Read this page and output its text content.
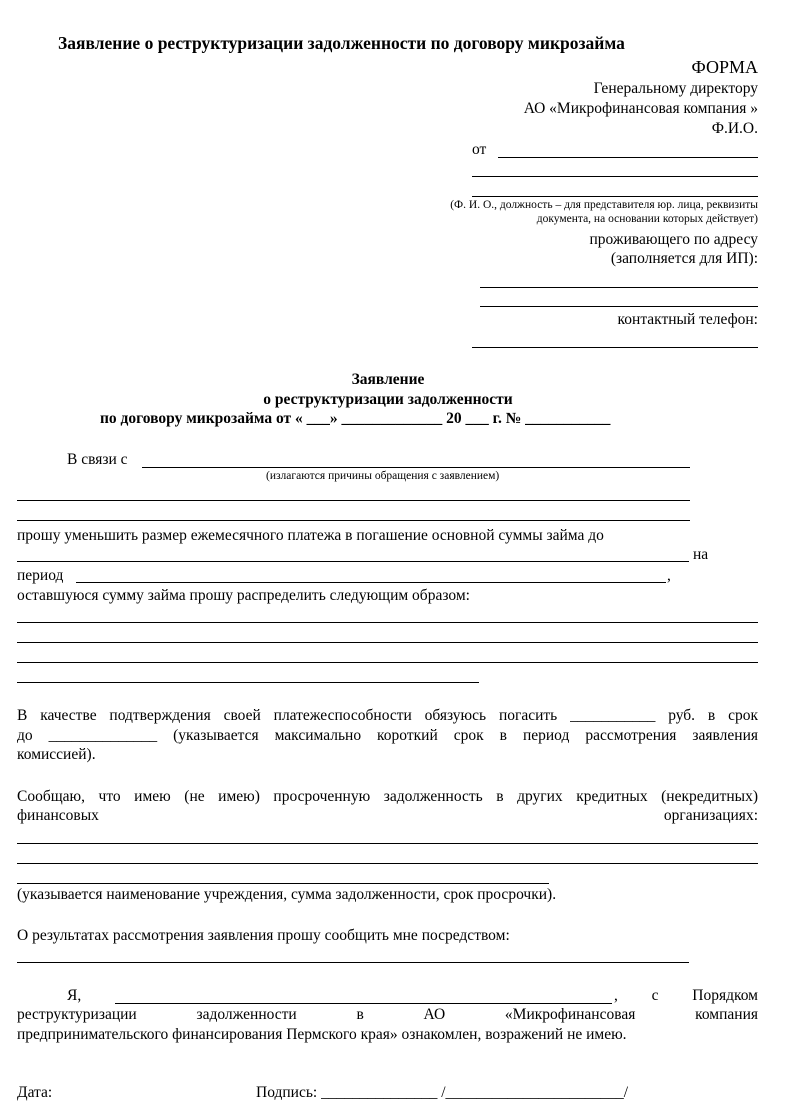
Заявление о реструктуризации задолженности по договору микрозайма
ФОРМА
Генеральному директору
АО «Микрофинансовая компания »
Ф.И.О.
от
(Ф. И. О., должность – для представителя юр. лица, реквизиты
документа, на основании которых действует)
проживающего по адресу
(заполняется для ИП):
контактный телефон:
Заявление
о реструктуризации задолженности
по договору микрозайма от « ___» _____________ 20 ___ г. № ___________
В связи с
(излагаются причины обращения с заявлением)
прошу уменьшить размер ежемесячного платежа в погашение основной суммы займа до
на
период	,
оставшуюся сумму займа прошу распределить следующим образом:
В качестве подтверждения своей платежеспособности обязуюсь погасить ___________ руб. в срок
до ______________ (указывается максимально короткий срок в период рассмотрения заявления
комиссией).
Сообщаю, что имею (не имею) просроченную задолженность в других кредитных (некредитных)
финансовых	организациях:
(указывается наименование учреждения, сумма задолженности, срок просрочки).
О результатах рассмотрения заявления прошу сообщить мне посредством:
Я,	, с Порядком
реструктуризации задолженности в АО «Микрофинансовая компания
предпринимательского финансирования Пермского края» ознакомлен, возражений не имею.
Дата:	Подпись: _______________ /_______________________/
